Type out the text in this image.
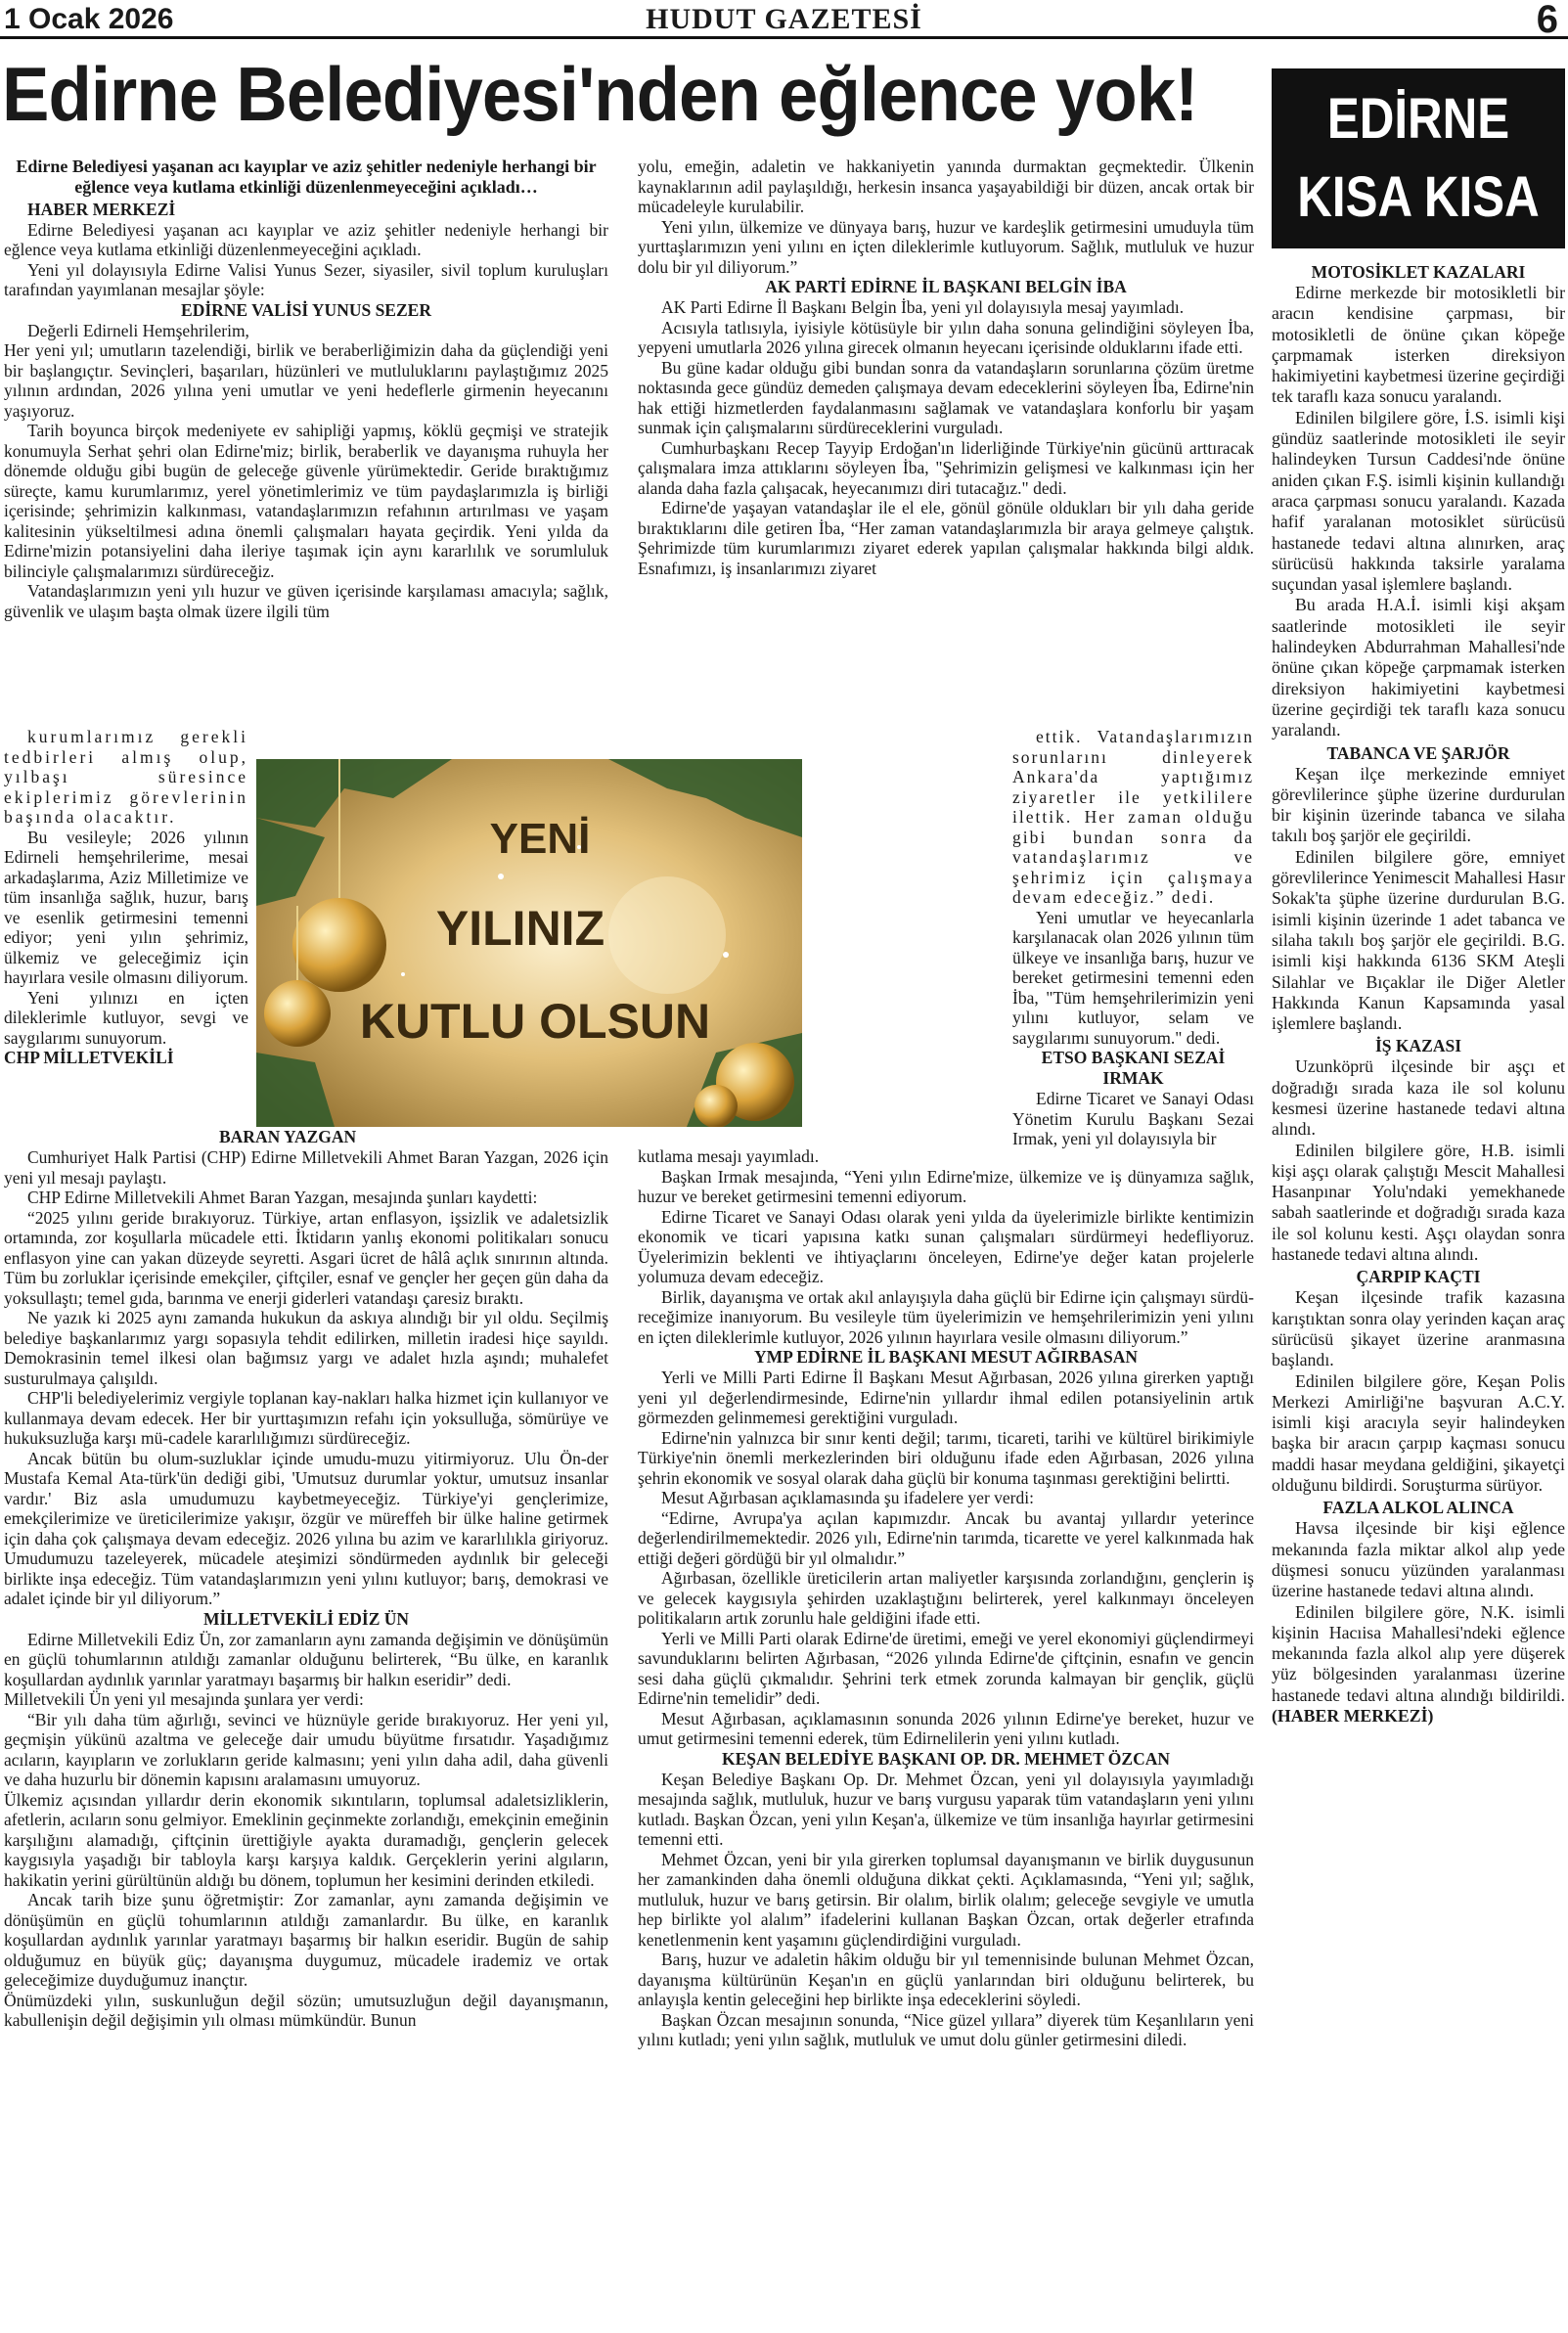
1 Ocak 2026	HUDUT GAZETESİ	6
Edirne Belediyesi'nden eğlence yok!	EDİRNE
KISA KISA
Edirne Belediyesi yaşanan acı kayıplar ve aziz şehitler nedeniyle herhangi bir eğlence veya kutlama etkinliği düzenlenmeyeceğini açıkladı…

HABER MERKEZİ

Edirne Belediyesi yaşanan acı kayıplar ve aziz şehitler nedeniyle herhangi bir eğlence veya kutlama etkinliği düzenlenmeyeceğini açıkladı.

Yeni yıl dolayısıyla Edirne Valisi Yunus Sezer, siyasiler, sivil toplum kuruluşları tarafından yayımlanan mesajlar şöyle:

EDİRNE VALİSİ YUNUS SEZER

Değerli Edirneli Hemşehrilerim,

Her yeni yıl; umutların tazelendiği, birlik ve beraberliğimizin daha da güçlendiği yeni bir başlangıçtır. Sevinçleri, başarıları, hüzünleri ve mutluluklarını paylaştığımız 2025 yılının ardından, 2026 yılına yeni umutlar ve yeni hedeflerle girmenin heyecanını yaşıyoruz.

Tarih boyunca birçok medeniyete ev sahipliği yapmış, köklü geçmişi ve stratejik konumuyla Serhat şehri olan Edirne'miz; birlik, beraberlik ve dayanışma ruhuyla her dönemde olduğu gibi bugün de geleceğe güvenle yürümektedir. Geride bıraktığımız süreçte, kamu kurumlarımız, yerel yönetimlerimiz ve tüm paydaşlarımızla iş birliği içerisinde; şehrimizin kalkınması, vatandaşlarımızın refahının artırılması ve yaşam kalitesinin yükseltilmesi adına önemli çalışmaları hayata geçirdik. Yeni yılda da Edirne'mizin potansiyelini daha ileriye taşımak için aynı kararlılık ve sorumluluk bilinciyle çalışmalarımızı sürdüreceğiz.

Vatandaşlarımızın yeni yılı huzur ve güven içerisinde karşılaması amacıyla; sağlık, güvenlik ve ulaşım başta olmak üzere ilgili tüm

kurumlarımız gerekli tedbirleri almış olup, yılbaşı süresince ekiplerimiz görevlerinin başında olacaktır.

Bu vesileyle; 2026 yılının Edirneli hemşehrilerime, mesai arkadaşlarıma, Aziz Milletimize ve tüm insanlığa sağlık, huzur, barış ve esenlik getirmesini temenni ediyor; yeni yılın şehrimiz, ülkemiz ve geleceğimiz için hayırlara vesile olmasını diliyorum.

Yeni yılınızı en içten dileklerimle kutluyor, sevgi ve saygılarımı sunuyorum.

CHP MİLLETVEKİLİ
YENİ
YILINIZ
KUTLU OLSUN
BARAN YAZGAN

Cumhuriyet Halk Partisi (CHP) Edirne Milletvekili Ahmet Baran Yazgan, 2026 için yeni yıl mesajı paylaştı.

CHP Edirne Milletvekili Ahmet Baran Yazgan, mesajında şunları kaydetti:

“2025 yılını geride bırakıyoruz. Türkiye, artan enflasyon, işsizlik ve adaletsizlik ortamında, zor koşullarla mücadele etti. İktidarın yanlış ekonomi politikaları sonucu enflasyon yine can yakan düzeyde seyretti. Asgari ücret de hâlâ açlık sınırının altında. Tüm bu zorluklar içerisinde emekçiler, çiftçiler, esnaf ve gençler her geçen gün daha da yoksullaştı; temel gıda, barınma ve enerji giderleri vatandaşı çaresiz bıraktı.

Ne yazık ki 2025 aynı zamanda hukukun da askıya alındığı bir yıl oldu. Seçilmiş belediye başkanlarımız yargı sopasıyla tehdit edilirken, milletin iradesi hiçe sayıldı. Demokrasinin temel ilkesi olan bağımsız yargı ve adalet hızla aşındı; muhalefet susturulmaya çalışıldı.

CHP'li belediyelerimiz vergiyle toplanan kay-nakları halka hizmet için kullanıyor ve kullanmaya devam edecek. Her bir yurttaşımızın refahı için yoksulluğa, sömürüye ve hukuksuzluğa karşı mü-cadele kararlılığımızı sürdüreceğiz.

Ancak bütün bu olum-suzluklar içinde umudu-muzu yitirmiyoruz. Ulu Ön-der Mustafa Kemal Ata-türk'ün dediği gibi, 'Umutsuz durumlar yoktur, umutsuz insanlar vardır.' Biz asla umudumuzu kaybetmeyeceğiz. Türkiye'yi gençlerimize, emekçilerimize ve üreticilerimize yakışır, özgür ve müreffeh bir ülke haline getirmek için daha çok çalışmaya devam edeceğiz. 2026 yılına bu azim ve kararlılıkla giriyoruz. Umudumuzu tazeleyerek, mücadele ateşimizi söndürmeden aydınlık bir geleceği birlikte inşa edeceğiz. Tüm vatandaşlarımızın yeni yılını kutluyor; barış, demokrasi ve adalet içinde bir yıl diliyorum.”

MİLLETVEKİLİ EDİZ ÜN

Edirne Milletvekili Ediz Ün, zor zamanların aynı zamanda değişimin ve dönüşümün en güçlü tohumlarının atıldığı zamanlar olduğunu belirterek, “Bu ülke, en karanlık koşullardan aydınlık yarınlar yaratmayı başarmış bir halkın eseridir” dedi.

Milletvekili Ün yeni yıl mesajında şunlara yer verdi:

“Bir yılı daha tüm ağırlığı, sevinci ve hüznüyle geride bırakıyoruz. Her yeni yıl, geçmişin yükünü azaltma ve geleceğe dair umudu büyütme fırsatıdır. Yaşadığımız acıların, kayıpların ve zorlukların geride kalmasını; yeni yılın daha adil, daha güvenli ve daha huzurlu bir dönemin kapısını aralamasını umuyoruz.

Ülkemiz açısından yıllardır derin ekonomik sıkıntıların, toplumsal adaletsizliklerin, afetlerin, acıların sonu gelmiyor. Emeklinin geçinmekte zorlandığı, emekçinin emeğinin karşılığını alamadığı, çiftçinin ürettiğiyle ayakta duramadığı, gençlerin gelecek kaygısıyla yaşadığı bir tabloyla karşı karşıya kaldık. Gerçeklerin yerini algıların, hakikatin yerini gürültünün aldığı bu dönem, toplumun her kesimini derinden etkiledi.

Ancak tarih bize şunu öğretmiştir: Zor zamanlar, aynı zamanda değişimin ve dönüşümün en güçlü tohumlarının atıldığı zamanlardır. Bu ülke, en karanlık koşullardan aydınlık yarınlar yaratmayı başarmış bir halkın eseridir. Bugün de sahip olduğumuz en büyük güç; dayanışma duygumuz, mücadele irademiz ve ortak geleceğimize duyduğumuz inançtır.

Önümüzdeki yılın, suskunluğun değil sözün; umutsuzluğun değil dayanışmanın, kabullenişin değil değişimin yılı olması mümkündür. Bunun

yolu, emeğin, adaletin ve hakkaniyetin yanında durmaktan geçmektedir. Ülkenin kaynaklarının adil paylaşıldığı, herkesin insanca yaşayabildiği bir düzen, ancak ortak bir mücadeleyle kurulabilir.

Yeni yılın, ülkemize ve dünyaya barış, huzur ve kardeşlik getirmesini umuduyla tüm yurttaşlarımızın yeni yılını en içten dileklerimle kutluyorum. Sağlık, mutluluk ve huzur dolu bir yıl diliyorum.”

AK PARTİ EDİRNE İL BAŞKANI BELGİN İBA

AK Parti Edirne İl Başkanı Belgin İba, yeni yıl dolayısıyla mesaj yayımladı.

Acısıyla tatlısıyla, iyisiyle kötüsüyle bir yılın daha sonuna gelindiğini söyleyen İba, yepyeni umutlarla 2026 yılına girecek olmanın heyecanı içerisinde olduklarını ifade etti.

Bu güne kadar olduğu gibi bundan sonra da vatandaşların sorunlarına çözüm üretme noktasında gece gündüz demeden çalışmaya devam edeceklerini söyleyen İba, Edirne'nin hak ettiği hizmetlerden faydalanmasını sağlamak ve vatandaşlara konforlu bir yaşam sunmak için çalışmalarını sürdüreceklerini vurguladı.

Cumhurbaşkanı Recep Tayyip Erdoğan'ın liderliğinde Türkiye'nin gücünü arttıracak çalışmalara imza attıklarını söyleyen İba, "Şehrimizin gelişmesi ve kalkınması için her alanda daha fazla çalışacak, heyecanımızı diri tutacağız." dedi.

Edirne'de yaşayan vatandaşlar ile el ele, gönül gönüle oldukları bir yılı daha geride bıraktıklarını dile getiren İba, “Her zaman vatandaşlarımızla bir araya gelmeye çalıştık. Şehrimizde tüm kurumlarımızı ziyaret ederek yapılan çalışmalar hakkında bilgi aldık. Esnafımızı, iş insanlarımızı ziyaret

ettik. Vatandaşlarımızın sorunlarını dinleyerek Ankara'da yaptığımız ziyaretler ile yetkililere ilettik. Her zaman olduğu gibi bundan sonra da vatandaşlarımız ve şehrimiz için çalışmaya devam edeceğiz.” dedi.

Yeni umutlar ve heyecanlarla karşılanacak olan 2026 yılının tüm ülkeye ve insanlığa barış, huzur ve bereket getirmesini temenni eden İba, "Tüm hemşehrilerimizin yeni yılını kutluyor, selam ve saygılarımı sunuyorum." dedi.

ETSO BAŞKANI SEZAİ IRMAK

Edirne Ticaret ve Sanayi Odası Yönetim Kurulu Başkanı Sezai Irmak, yeni yıl dolayısıyla bir

kutlama mesajı yayımladı.

Başkan Irmak mesajında, “Yeni yılın Edirne'mize, ülkemize ve iş dünyamıza sağlık, huzur ve bereket getirmesini temenni ediyorum.

Edirne Ticaret ve Sanayi Odası olarak yeni yılda da üyelerimizle birlikte kentimizin ekonomik ve ticari yapısına katkı sunan çalışmaları sürdürmeyi hedefliyoruz. Üyelerimizin beklenti ve ihtiyaçlarını önceleyen, Edirne'ye değer katan projelerle yolumuza devam edeceğiz.

Birlik, dayanışma ve ortak akıl anlayışıyla daha güçlü bir Edirne için çalışmayı sürdü-receğimize inanıyorum. Bu vesileyle tüm üyelerimizin ve hemşehrilerimizin yeni yılını en içten dileklerimle kutluyor, 2026 yılının hayırlara vesile olmasını diliyorum.”

YMP EDİRNE İL BAŞKANI MESUT AĞIRBASAN

Yerli ve Milli Parti Edirne İl Başkanı Mesut Ağırbasan, 2026 yılına girerken yaptığı yeni yıl değerlendirmesinde, Edirne'nin yıllardır ihmal edilen potansiyelinin artık görmezden gelinmemesi gerektiğini vurguladı.

Edirne'nin yalnızca bir sınır kenti değil; tarımı, ticareti, tarihi ve kültürel birikimiyle Türkiye'nin önemli merkezlerinden biri olduğunu ifade eden Ağırbasan, 2026 yılına şehrin ekonomik ve sosyal olarak daha güçlü bir konuma taşınması gerektiğini belirtti.

Mesut Ağırbasan açıklamasında şu ifadelere yer verdi:

“Edirne, Avrupa'ya açılan kapımızdır. Ancak bu avantaj yıllardır yeterince değerlendirilmemektedir. 2026 yılı, Edirne'nin tarımda, ticarette ve yerel kalkınmada hak ettiği değeri gördüğü bir yıl olmalıdır.”

Ağırbasan, özellikle üreticilerin artan maliyetler karşısında zorlandığını, gençlerin iş ve gelecek kaygısıyla şehirden uzaklaştığını belirterek, yerel kalkınmayı önceleyen politikaların artık zorunlu hale geldiğini ifade etti.

Yerli ve Milli Parti olarak Edirne'de üretimi, emeği ve yerel ekonomiyi güçlendirmeyi savunduklarını belirten Ağırbasan, “2026 yılında Edirne'de çiftçinin, esnafın ve gencin sesi daha güçlü çıkmalıdır. Şehrini terk etmek zorunda kalmayan bir gençlik, güçlü Edirne'nin temelidir” dedi.

Mesut Ağırbasan, açıklamasının sonunda 2026 yılının Edirne'ye bereket, huzur ve umut getirmesini temenni ederek, tüm Edirnelilerin yeni yılını kutladı.

KEŞAN BELEDİYE BAŞKANI OP. DR. MEHMET ÖZCAN

Keşan Belediye Başkanı Op. Dr. Mehmet Özcan, yeni yıl dolayısıyla yayımladığı mesajında sağlık, mutluluk, huzur ve barış vurgusu yaparak tüm vatandaşların yeni yılını kutladı. Başkan Özcan, yeni yılın Keşan'a, ülkemize ve tüm insanlığa hayırlar getirmesini temenni etti.

Mehmet Özcan, yeni bir yıla girerken toplumsal dayanışmanın ve birlik duygusunun her zamankinden daha önemli olduğuna dikkat çekti. Açıklamasında, “Yeni yıl; sağlık, mutluluk, huzur ve barış getirsin. Bir olalım, birlik olalım; geleceğe sevgiyle ve umutla hep birlikte yol alalım” ifadelerini kullanan Başkan Özcan, ortak değerler etrafında kenetlenmenin kent yaşamını güçlendirdiğini vurguladı.

Barış, huzur ve adaletin hâkim olduğu bir yıl temennisinde bulunan Mehmet Özcan, dayanışma kültürünün Keşan'ın en güçlü yanlarından biri olduğunu belirterek, bu anlayışla kentin geleceğini hep birlikte inşa edeceklerini söyledi.

Başkan Özcan mesajının sonunda, “Nice güzel yıllara” diyerek tüm Keşanlıların yeni yılını kutladı; yeni yılın sağlık, mutluluk ve umut dolu günler getirmesini diledi.

MOTOSİKLET KAZALARI

Edirne merkezde bir motosikletli bir aracın kendisine çarpması, bir motosikletli de önüne çıkan köpeğe çarpmamak isterken direksiyon hakimiyetini kaybetmesi üzerine geçirdiği tek taraflı kaza sonucu yaralandı.

Edinilen bilgilere göre, İ.S. isimli kişi gündüz saatlerinde motosikleti ile seyir halindeyken Tursun Caddesi'nde önüne aniden çıkan F.Ş. isimli kişinin kullandığı araca çarpması sonucu yaralandı. Kazada hafif yaralanan motosiklet sürücüsü hastanede tedavi altına alınırken, araç sürücüsü hakkında taksirle yaralama suçundan yasal işlemlere başlandı.

Bu arada H.A.İ. isimli kişi akşam saatlerinde motosikleti ile seyir halindeyken Abdurrahman Mahallesi'nde önüne çıkan köpeğe çarpmamak isterken direksiyon hakimiyetini kaybetmesi üzerine geçirdiği tek taraflı kaza sonucu yaralandı.

TABANCA VE ŞARJÖR

Keşan ilçe merkezinde emniyet görevlilerince şüphe üzerine durdurulan bir kişinin üzerinde tabanca ve silaha takılı boş şarjör ele geçirildi.

Edinilen bilgilere göre, emniyet görevlilerince Yenimescit Mahallesi Hasır Sokak'ta şüphe üzerine durdurulan B.G. isimli kişinin üzerinde 1 adet tabanca ve silaha takılı boş şarjör ele geçirildi. B.G. isimli kişi hakkında 6136 SKM Ateşli Silahlar ve Bıçaklar ile Diğer Aletler Hakkında Kanun Kapsamında yasal işlemlere başlandı.

İŞ KAZASI

Uzunköprü ilçesinde bir aşçı et doğradığı sırada kaza ile sol kolunu kesmesi üzerine hastanede tedavi altına alındı.

Edinilen bilgilere göre, H.B. isimli kişi aşçı olarak çalıştığı Mescit Mahallesi Hasanpınar Yolu'ndaki yemekhanede sabah saatlerinde et doğradığı sırada kaza ile sol kolunu kesti. Aşçı olaydan sonra hastanede tedavi altına alındı.

ÇARPIP KAÇTI

Keşan ilçesinde trafik kazasına karıştıktan sonra olay yerinden kaçan araç sürücüsü şikayet üzerine aranmasına başlandı.

Edinilen bilgilere göre, Keşan Polis Merkezi Amirliği'ne başvuran A.C.Y. isimli kişi aracıyla seyir halindeyken başka bir aracın çarpıp kaçması sonucu maddi hasar meydana geldiğini, şikayetçi olduğunu bildirdi. Soruşturma sürüyor.

FAZLA ALKOL ALINCA

Havsa ilçesinde bir kişi eğlence mekanında fazla miktar alkol alıp yede düşmesi sonucu yüzünden yaralanması üzerine hastanede tedavi altına alındı.

Edinilen bilgilere göre, N.K. isimli kişinin Hacıisa Mahallesi'ndeki eğlence mekanında fazla alkol alıp yere düşerek yüz bölgesinden yaralanması üzerine hastanede tedavi altına alındığı bildirildi. (HABER MERKEZİ)
